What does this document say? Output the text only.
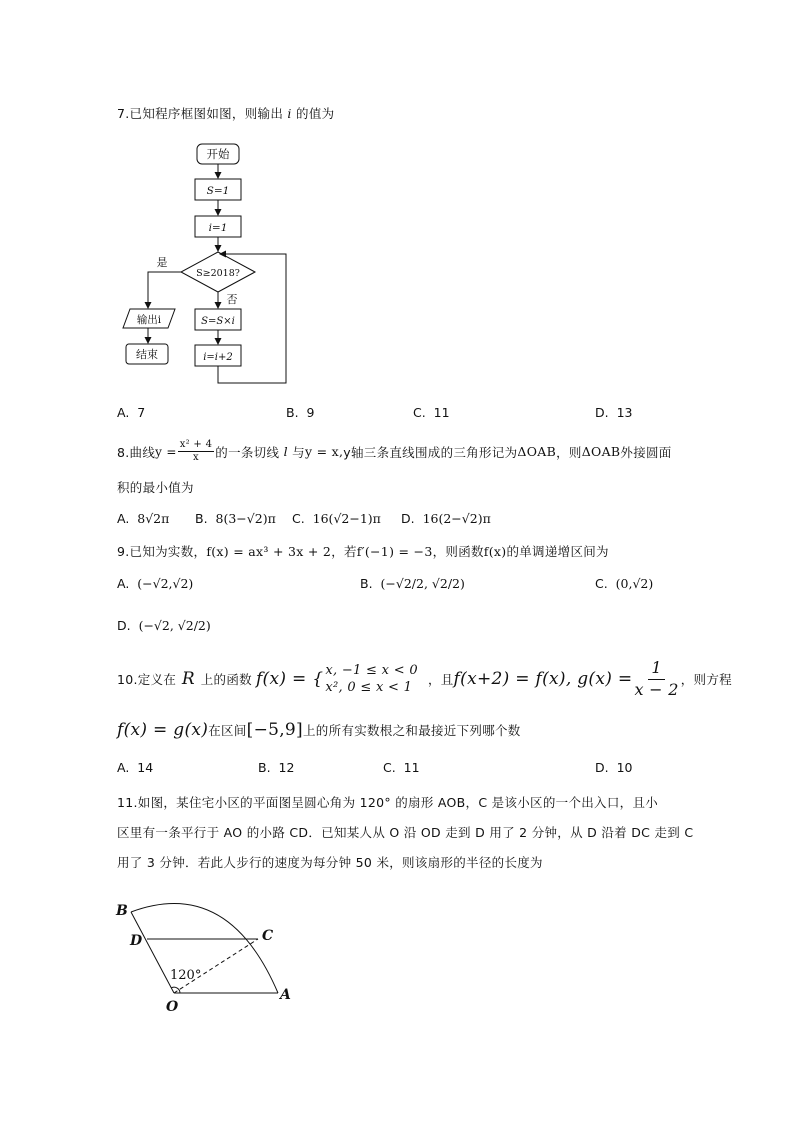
7.已知程序框图如图，则输出 i 的值为
开始
S=1
i=1
S≥2018?
是
否
S=S×i
i=i+2
输出i
结束
A. 7	B. 9	C. 11	D. 13
8.曲线 $y = \frac{\text{x² + 4}}{x}$ 的一条切线 l 与 y = x, y轴三条直线围成的三角形记为 ΔOAB ，则 ΔOAB 外接圆面
积的最小值为
A. 8√2π B. 8(3−√2)π C. 16(√2−1)π D. 16(2−√2)π
9.已知为实数，f(x) = ax³ + 3x + 2，若f′(−1) = −3，则函数f(x)的单调递增区间为
A. (−√2,√2)	B. (−√2/2, √2/2)	C. (0,√2)
D. (−√2, √2/2)
10.定义在 R 上的函数 f(x) = { x, −1 ≤ x < 0
x², 0 ≤ x < 1
，且 f(x+2) = f(x), $g(x) = \frac{1}{x - 2}$ ，则方程
f(x) = g(x) 在区间 [−5,9] 上的所有实数根之和最接近下列哪个数
A. 14	B. 12	C. 11	D. 10
11.如图，某住宅小区的平面图呈圆心角为 120° 的扇形 AOB，C 是该小区的一个出入口，且小
区里有一条平行于 AO 的小路 CD．已知某人从 O 沿 OD 走到 D 用了 2 分钟，从 D 沿着 DC 走到 C
用了 3 分钟．若此人步行的速度为每分钟 50 米，则该扇形的半径的长度为
B
D	C
O
A
120°
